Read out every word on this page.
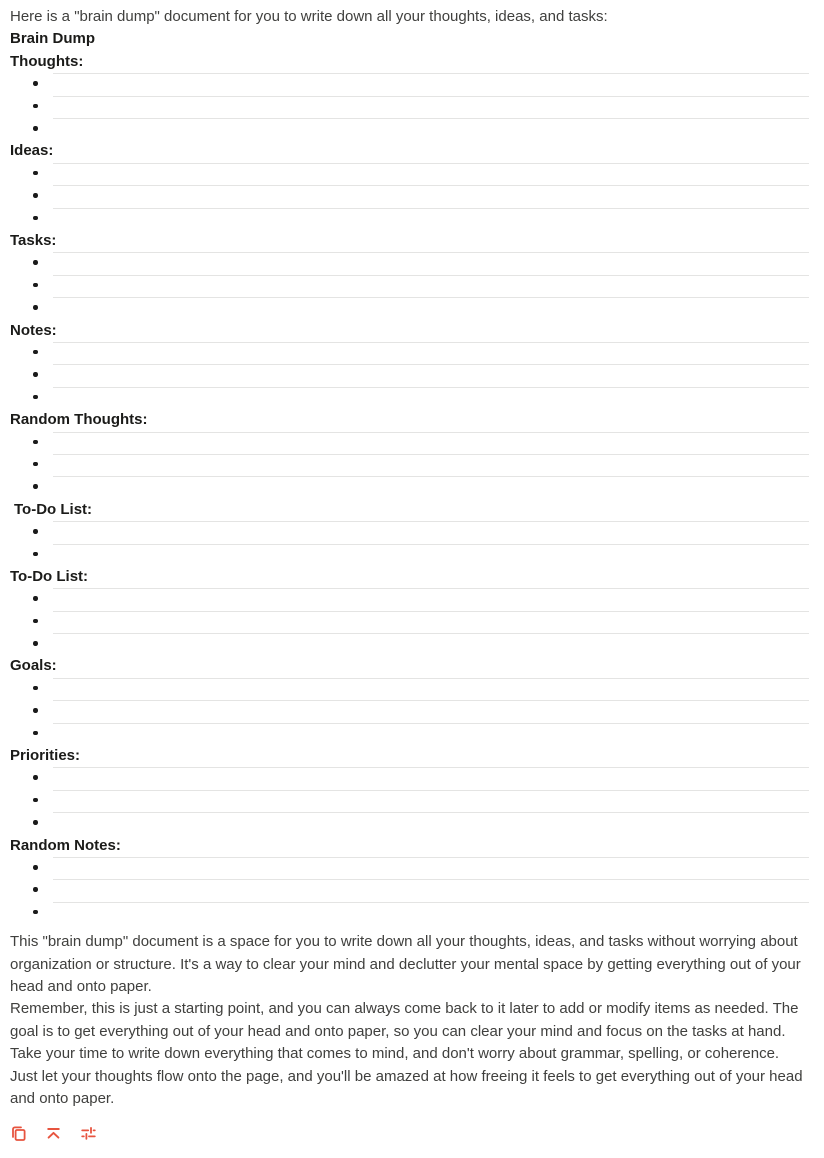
Here is a "brain dump" document for you to write down all your thoughts, ideas, and tasks:
Brain Dump
Thoughts:
Ideas:
Tasks:
Notes:
Random Thoughts:
To-Do List:
To-Do List:
Goals:
Priorities:
Random Notes:
This "brain dump" document is a space for you to write down all your thoughts, ideas, and tasks without worrying about organization or structure. It's a way to clear your mind and declutter your mental space by getting everything out of your head and onto paper.
Remember, this is just a starting point, and you can always come back to it later to add or modify items as needed. The goal is to get everything out of your head and onto paper, so you can clear your mind and focus on the tasks at hand.
Take your time to write down everything that comes to mind, and don't worry about grammar, spelling, or coherence. Just let your thoughts flow onto the page, and you'll be amazed at how freeing it feels to get everything out of your head and onto paper.
